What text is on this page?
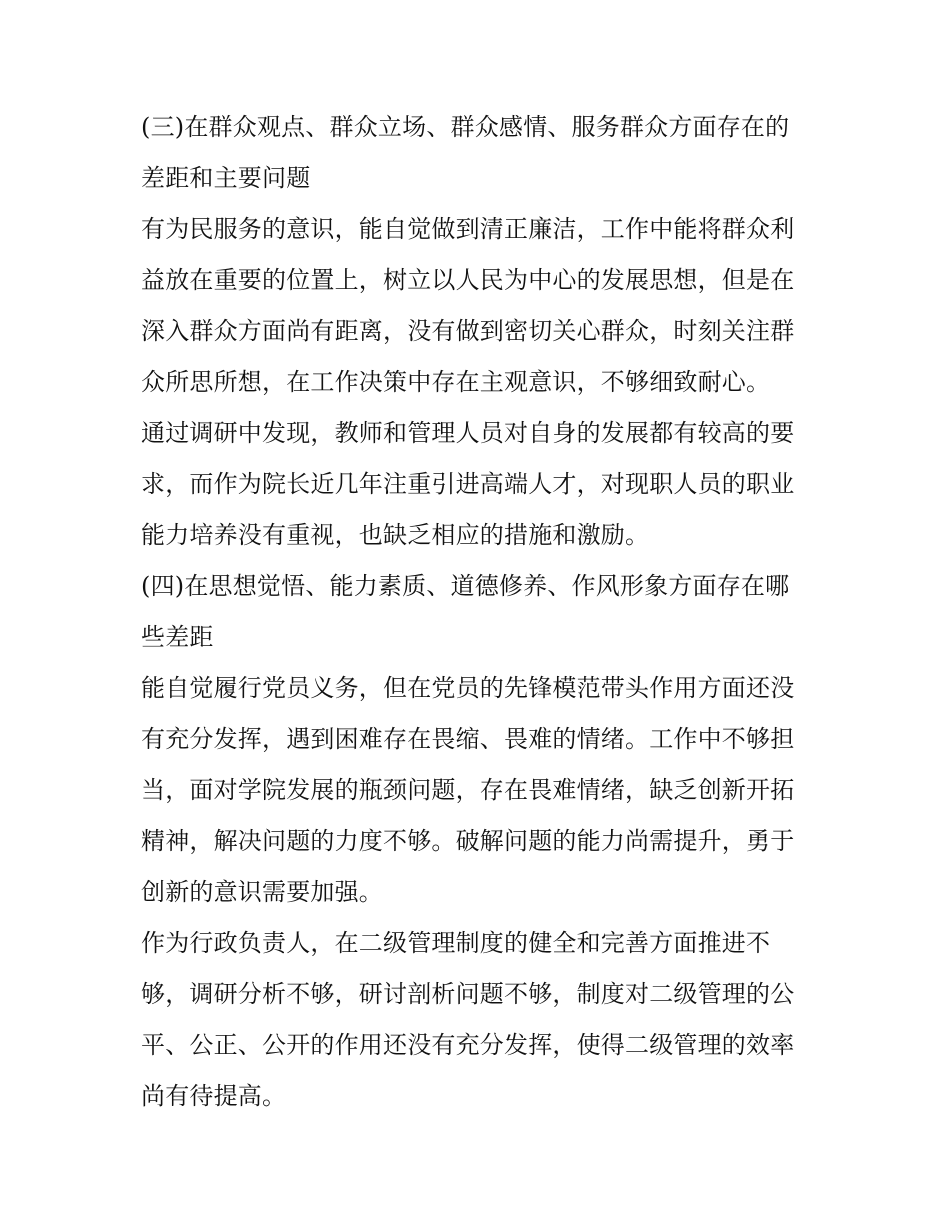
(三)在群众观点、群众立场、群众感情、服务群众方面存在的
差距和主要问题
有为民服务的意识，能自觉做到清正廉洁，工作中能将群众利
益放在重要的位置上，树立以人民为中心的发展思想，但是在
深入群众方面尚有距离，没有做到密切关心群众，时刻关注群
众所思所想，在工作决策中存在主观意识，不够细致耐心。
通过调研中发现，教师和管理人员对自身的发展都有较高的要
求，而作为院长近几年注重引进高端人才，对现职人员的职业
能力培养没有重视，也缺乏相应的措施和激励。
(四)在思想觉悟、能力素质、道德修养、作风形象方面存在哪
些差距
能自觉履行党员义务，但在党员的先锋模范带头作用方面还没
有充分发挥，遇到困难存在畏缩、畏难的情绪。工作中不够担
当，面对学院发展的瓶颈问题，存在畏难情绪，缺乏创新开拓
精神，解决问题的力度不够。破解问题的能力尚需提升，勇于
创新的意识需要加强。
作为行政负责人，在二级管理制度的健全和完善方面推进不
够，调研分析不够，研讨剖析问题不够，制度对二级管理的公
平、公正、公开的作用还没有充分发挥，使得二级管理的效率
尚有待提高。
